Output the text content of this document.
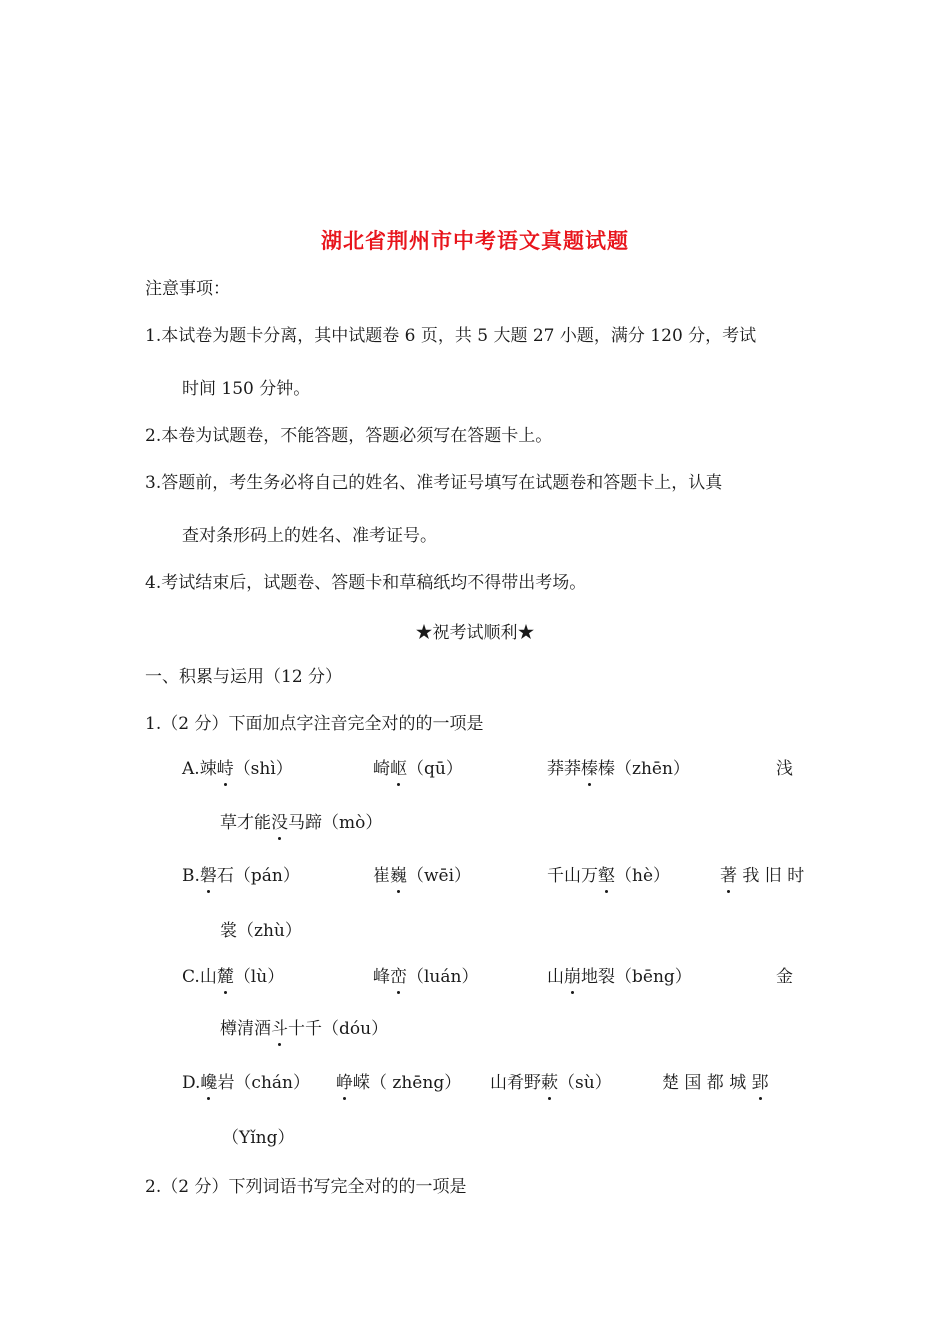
湖北省荆州市中考语文真题试题
注意事项：
1.本试卷为题卡分离，其中试题卷 6 页，共 5 大题 27 小题，满分 120 分，考试
时间 150 分钟。
2.本卷为试题卷，不能答题，答题必须写在答题卡上。
3.答题前，考生务必将自己的姓名、准考证号填写在试题卷和答题卡上，认真
查对条形码上的姓名、准考证号。
4.考试结束后，试题卷、答题卡和草稿纸均不得带出考场。
★祝考试顺利★
一、积累与运用（12 分）
1.（2 分）下面加点字注音完全对的的一项是
A.竦峙（shì）	崎岖（qū）	莽莽榛榛（zhēn）	浅
草才能没马蹄（mò）
B.磐石（pán）	崔巍（wēi）	千山万壑（hè）	著 我 旧 时
裳（zhù）
C.山麓（lù）	峰峦（luán）	山崩地裂（bēng）	金
樽清酒斗十千（dóu）
D.巉岩（chán） 峥嵘（ zhēng） 山肴野蔌（sù）	楚 国 都 城 郢
（Yǐng）
2.（2 分）下列词语书写完全对的的一项是
